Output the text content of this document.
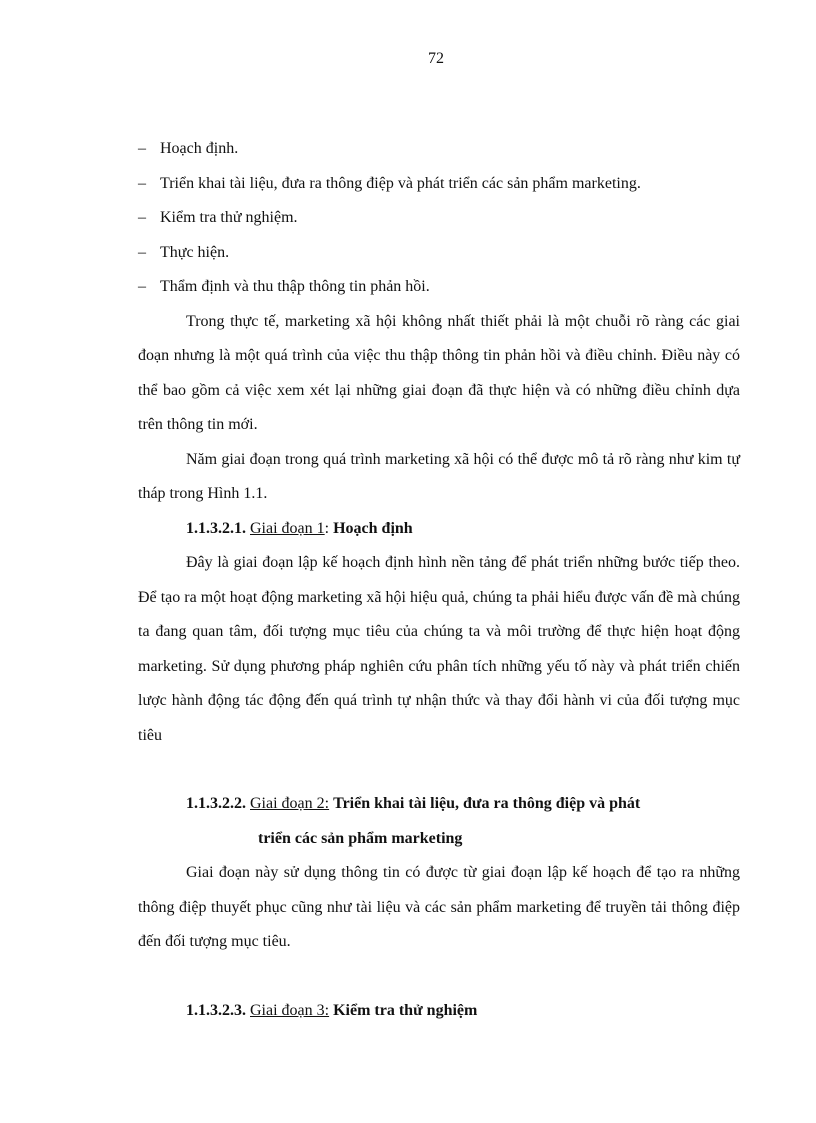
72
– Hoạch định.
– Triển khai tài liệu, đưa ra thông điệp và phát triển các sản phẩm marketing.
– Kiểm tra thử nghiệm.
– Thực hiện.
– Thẩm định và thu thập thông tin phản hồi.

Trong thực tế, marketing xã hội không nhất thiết phải là một chuỗi rõ ràng các giai đoạn nhưng là một quá trình của việc thu thập thông tin phản hồi và điều chỉnh. Điều này có thể bao gồm cả việc xem xét lại những giai đoạn đã thực hiện và có những điều chỉnh dựa trên thông tin mới.

Năm giai đoạn trong quá trình marketing xã hội có thể được mô tả rõ ràng như kim tự tháp trong Hình 1.1.

1.1.3.2.1. Giai đoạn 1: Hoạch định

Đây là giai đoạn lập kế hoạch định hình nền tảng để phát triển những bước tiếp theo. Để tạo ra một hoạt động marketing xã hội hiệu quả, chúng ta phải hiểu được vấn đề mà chúng ta đang quan tâm, đối tượng mục tiêu của chúng ta và môi trường để thực hiện hoạt động marketing. Sử dụng phương pháp nghiên cứu phân tích những yếu tố này và phát triển chiến lược hành động tác động đến quá trình tự nhận thức và thay đổi hành vi của đối tượng mục tiêu

1.1.3.2.2. Giai đoạn 2: Triển khai tài liệu, đưa ra thông điệp và phát
triển các sản phẩm marketing

Giai đoạn này sử dụng thông tin có được từ giai đoạn lập kế hoạch để tạo ra những thông điệp thuyết phục cũng như tài liệu và các sản phẩm marketing để truyền tải thông điệp đến đối tượng mục tiêu.

1.1.3.2.3. Giai đoạn 3: Kiểm tra thử nghiệm
